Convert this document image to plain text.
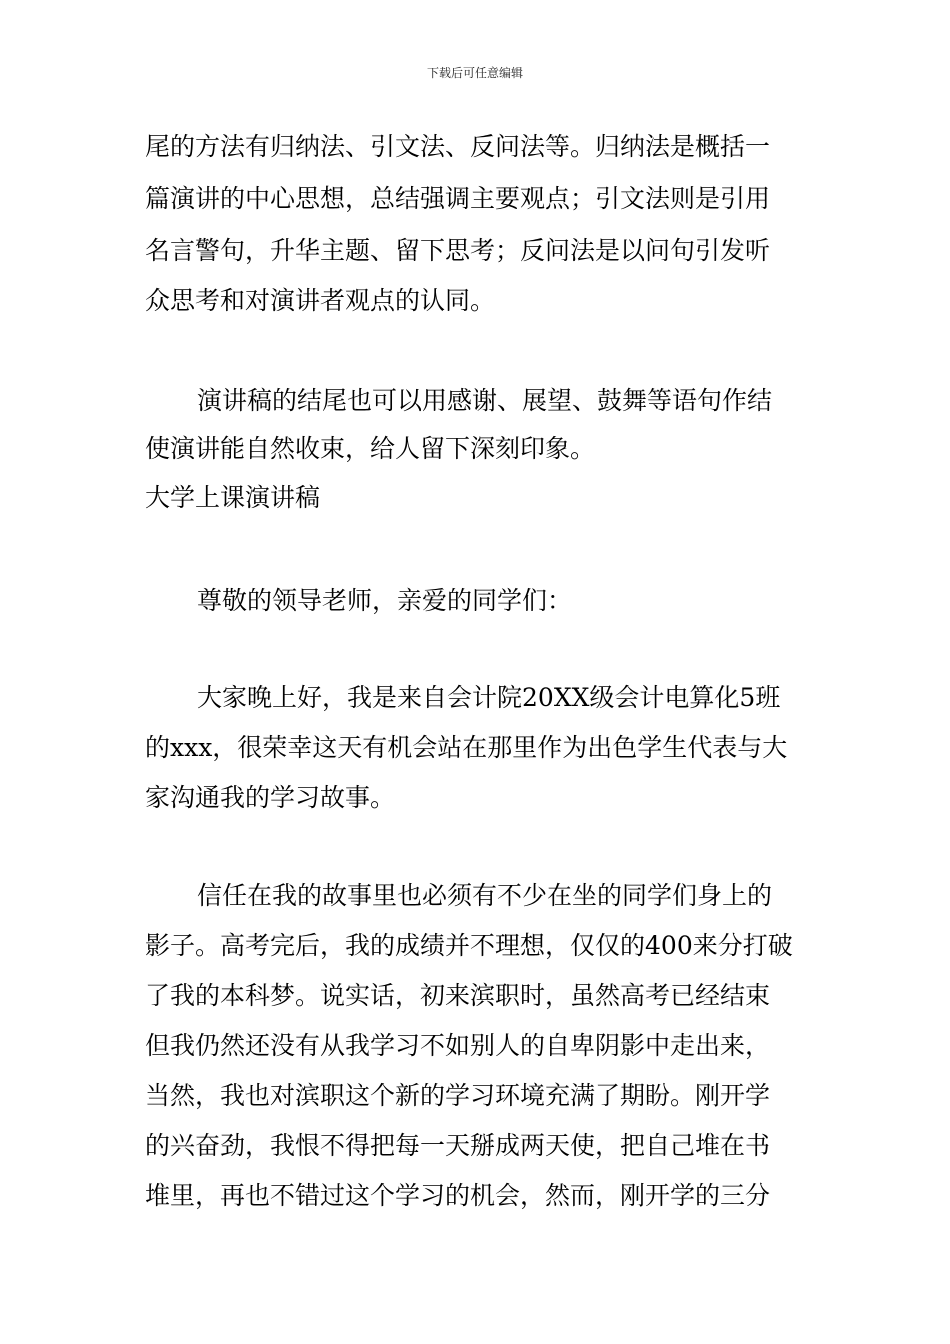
下载后可任意编辑
尾的方法有归纳法、引文法、反问法等。归纳法是概括一
篇演讲的中心思想，总结强调主要观点；引文法则是引用
名言警句，升华主题、留下思考；反问法是以问句引发听
众思考和对演讲者观点的认同。
演讲稿的结尾也可以用感谢、展望、鼓舞等语句作结
使演讲能自然收束，给人留下深刻印象。
大学上课演讲稿
尊敬的领导老师，亲爱的同学们：
大家晚上好，我是来自会计院20XX级会计电算化5班
的xxx，很荣幸这天有机会站在那里作为出色学生代表与大
家沟通我的学习故事。
信任在我的故事里也必须有不少在坐的同学们身上的
影子。高考完后，我的成绩并不理想，仅仅的400来分打破
了我的本科梦。说实话，初来滨职时，虽然高考已经结束
但我仍然还没有从我学习不如别人的自卑阴影中走出来，
当然，我也对滨职这个新的学习环境充满了期盼。刚开学
的兴奋劲，我恨不得把每一天掰成两天使，把自己堆在书
堆里，再也不错过这个学习的机会，然而，刚开学的三分
